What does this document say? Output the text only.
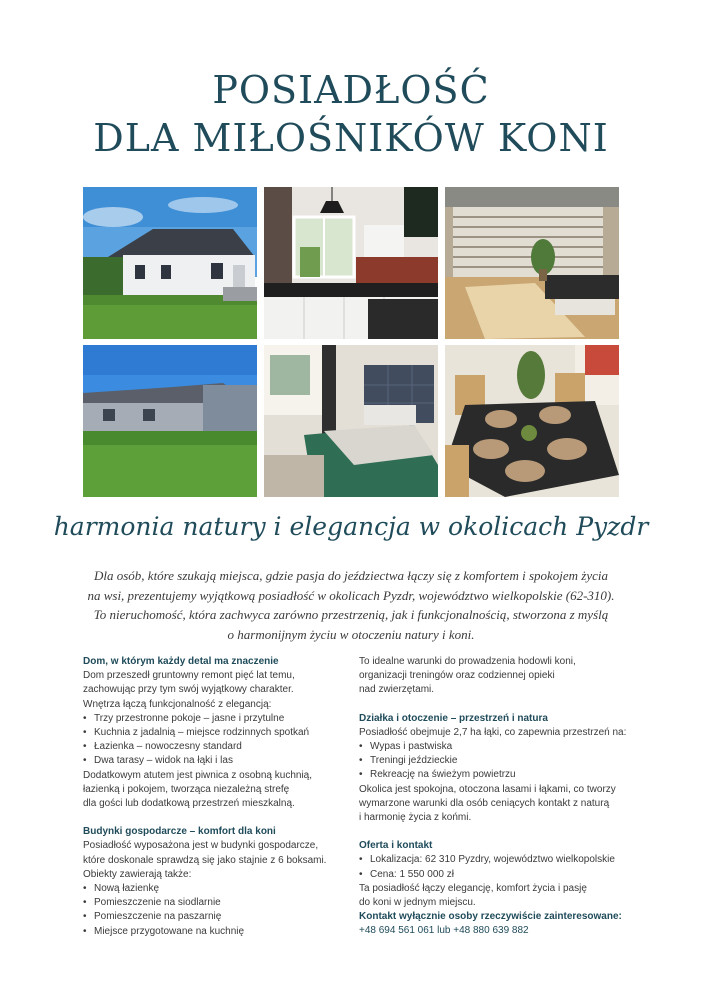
POSIADŁOŚĆ
DLA MIŁOŚNIKÓW KONI
harmonia natury i elegancja w okolicach Pyzdr
Dla osób, które szukają miejsca, gdzie pasja do jeździectwa łączy się z komfortem i spokojem życia
na wsi, prezentujemy wyjątkową posiadłość w okolicach Pyzdr, województwo wielkopolskie (62-310).
To nieruchomość, która zachwyca zarówno przestrzenią, jak i funkcjonalnością, stworzona z myślą
o harmonijnym życiu w otoczeniu natury i koni.
Dom, w którym każdy detal ma znaczenie
Dom przeszedł gruntowny remont pięć lat temu,
zachowując przy tym swój wyjątkowy charakter.
Wnętrza łączą funkcjonalność z elegancją:
• Trzy przestronne pokoje – jasne i przytulne
• Kuchnia z jadalnią – miejsce rodzinnych spotkań
• Łazienka – nowoczesny standard
• Dwa tarasy – widok na łąki i las
Dodatkowym atutem jest piwnica z osobną kuchnią,
łazienką i pokojem, tworząca niezależną strefę
dla gości lub dodatkową przestrzeń mieszkalną.
Budynki gospodarcze – komfort dla koni
Posiadłość wyposażona jest w budynki gospodarcze,
które doskonale sprawdzą się jako stajnie z 6 boksami.
Obiekty zawierają także:
• Nową łazienkę
• Pomieszczenie na siodlarnie
• Pomieszczenie na paszarnię
• Miejsce przygotowane na kuchnię
To idealne warunki do prowadzenia hodowli koni,
organizacji treningów oraz codziennej opieki
nad zwierzętami.
Działka i otoczenie – przestrzeń i natura
Posiadłość obejmuje 2,7 ha łąki, co zapewnia przestrzeń na:
• Wypas i pastwiska
• Treningi jeździeckie
• Rekreację na świeżym powietrzu
Okolica jest spokojna, otoczona lasami i łąkami, co tworzy
wymarzone warunki dla osób ceniących kontakt z naturą
i harmonię życia z końmi.
Oferta i kontakt
• Lokalizacja: 62 310 Pyzdry, województwo wielkopolskie
• Cena: 1 550 000 zł
Ta posiadłość łączy elegancję, komfort życia i pasję
do koni w jednym miejscu.
Kontakt wyłącznie osoby rzeczywiście zainteresowane:
+48 694 561 061 lub +48 880 639 882
